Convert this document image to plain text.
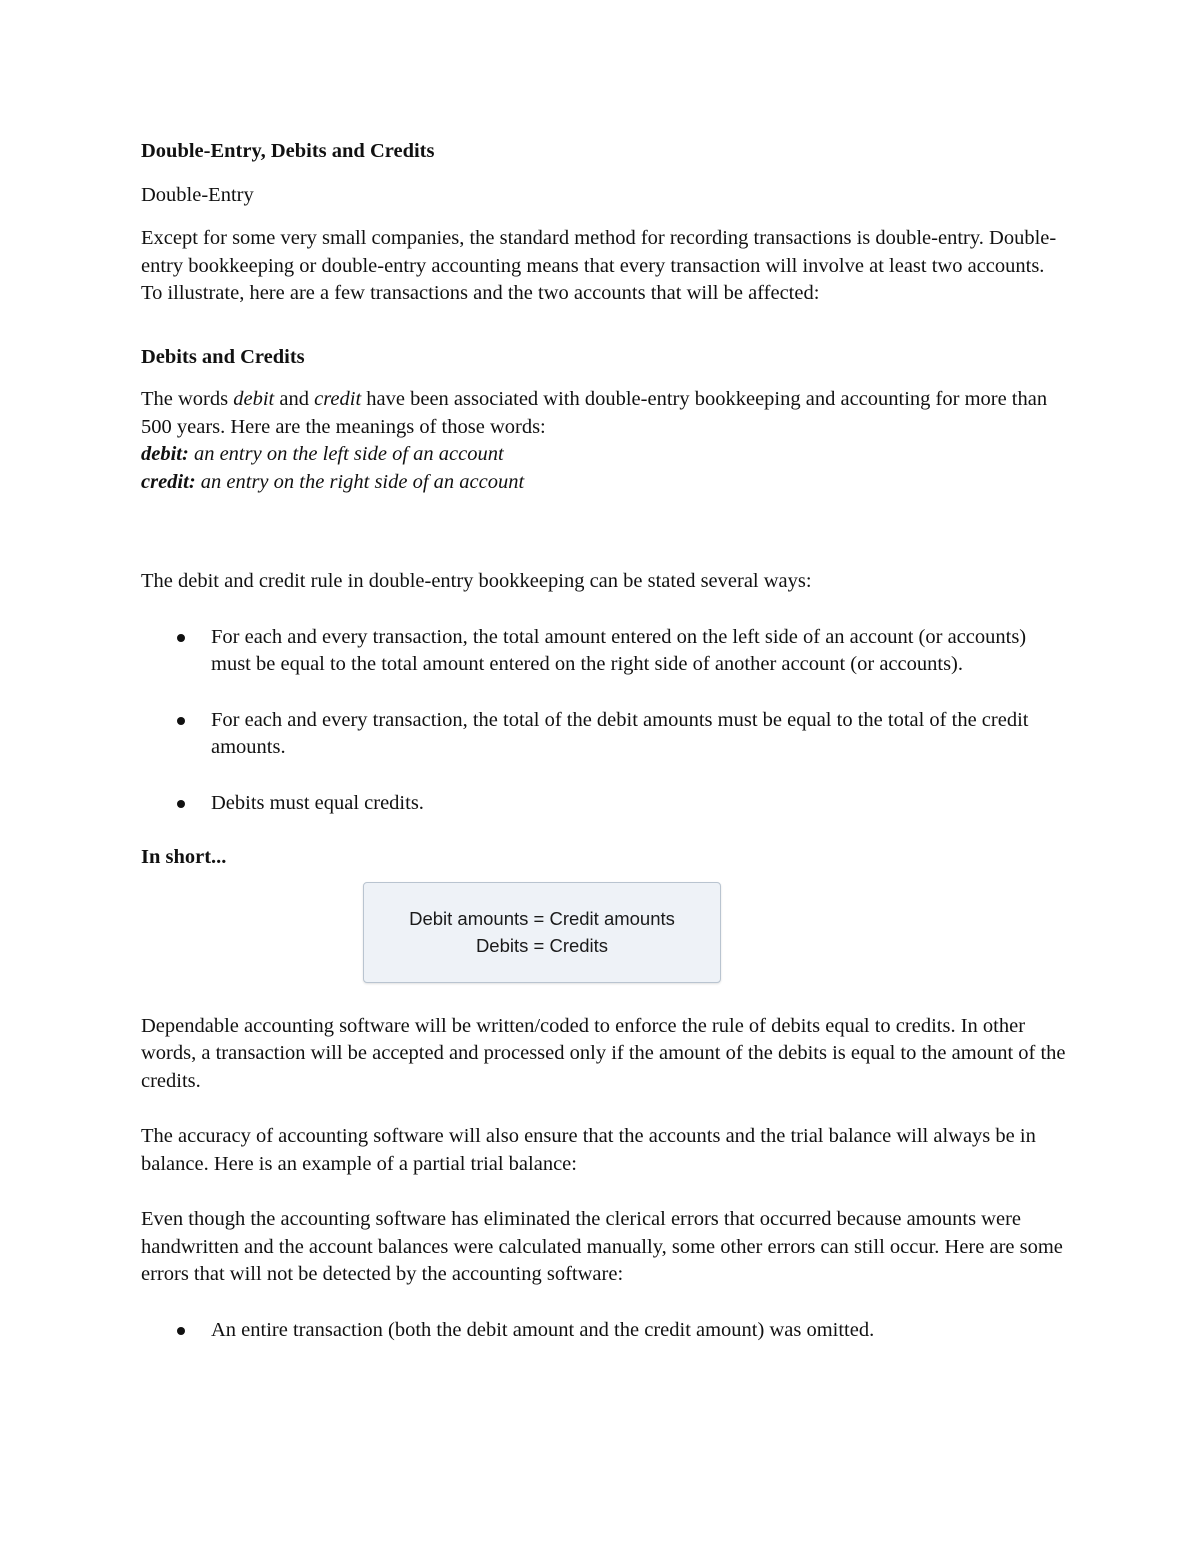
Double-Entry, Debits and Credits

Double-Entry

Except for some very small companies, the standard method for recording transactions is double-entry. Double-entry bookkeeping or double-entry accounting means that every transaction will involve at least two accounts. To illustrate, here are a few transactions and the two accounts that will be affected:

Debits and Credits

The words debit and credit have been associated with double-entry bookkeeping and accounting for more than 500 years. Here are the meanings of those words:

debit: an entry on the left side of an account
credit: an entry on the right side of an account

The debit and credit rule in double-entry bookkeeping can be stated several ways:

For each and every transaction, the total amount entered on the left side of an account (or accounts) must be equal to the total amount entered on the right side of another account (or accounts).
For each and every transaction, the total of the debit amounts must be equal to the total of the credit amounts.
Debits must equal credits.
In short...
Debit amounts = Credit amounts
Debits = Credits

Dependable accounting software will be written/coded to enforce the rule of debits equal to credits. In other words, a transaction will be accepted and processed only if the amount of the debits is equal to the amount of the credits.

The accuracy of accounting software will also ensure that the accounts and the trial balance will always be in balance. Here is an example of a partial trial balance:

Even though the accounting software has eliminated the clerical errors that occurred because amounts were handwritten and the account balances were calculated manually, some other errors can still occur. Here are some errors that will not be detected by the accounting software:

An entire transaction (both the debit amount and the credit amount) was omitted.
